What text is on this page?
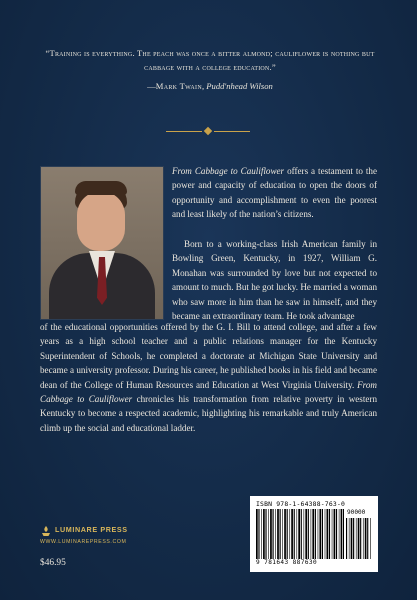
“Training is everything. The peach was once a bitter almond; cauliflower is nothing but cabbage with a college education.”
—Mark Twain, Pudd'nhead Wilson
From Cabbage to Cauliflower offers a testament to the power and capacity of education to open the doors of opportunity and accomplishment to even the poorest and least likely of the nation’s citizens.
Born to a working-class Irish American family in Bowling Green, Kentucky, in 1927, William G. Monahan was surrounded by love but not expected to amount to much. But he got lucky. He married a woman who saw more in him than he saw in himself, and they became an extraordinary team. He took advantage
of the educational opportunities offered by the G. I. Bill to attend college, and after a few years as a high school teacher and a public relations manager for the Kentucky Superintendent of Schools, he completed a doctorate at Michigan State University and became a university professor. During his career, he published books in his field and became dean of the College of Human Resources and Education at West Virginia University. From Cabbage to Cauliflower chronicles his transformation from relative poverty in western Kentucky to become a respected academic, highlighting his remarkable and truly American climb up the social and educational ladder.
LUMINARE PRESS
WWW.LUMINAREPRESS.COM
$46.95
ISBN 978-1-64388-763-0
90000
9 781643 887630
